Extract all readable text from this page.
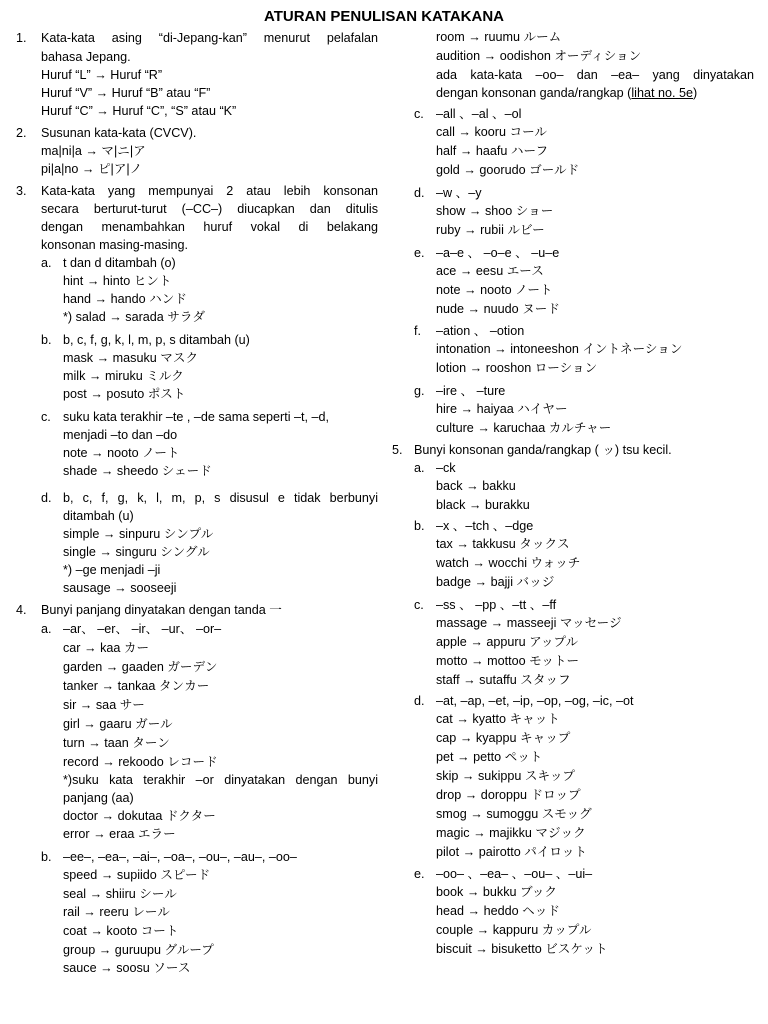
ATURAN PENULISAN KATAKANA
1.	Kata-kata asing “di-Jepang-kan” menurut pelafalan
bahasa Jepang.
Huruf “L” → Huruf “R”
Huruf “V” → Huruf “B” atau “F”
Huruf “C” → Huruf “C”, “S” atau “K”
2.	Susunan kata-kata (CVCV).
ma|ni|a → マ|ニ|ア
pi|a|no → ピ|ア|ノ
3.	Kata-kata yang mempunyai 2 atau lebih konsonan
secara berturut-turut (–CC–) diucapkan dan ditulis
dengan menambahkan huruf vokal di belakang
konsonan masing-masing.
a. t dan d ditambah (o)
hint → hinto ヒント
hand → hando ハンド
*) salad → sarada サラダ
b. b, c, f, g, k, l, m, p, s ditambah (u)
mask → masuku マスク
milk → miruku ミルク
post → posuto ポスト
c. suku kata terakhir –te , –de sama seperti –t, –d,
menjadi –to dan –do
note → nooto ノート
shade → sheedo シェード
d. b, c, f, g, k, l, m, p, s disusul e tidak berbunyi
ditambah (u)
simple → sinpuru シンプル
single → singuru シングル
*) –ge menjadi –ji
sausage → sooseeji
4.	Bunyi panjang dinyatakan dengan tanda 一
a. –ar、 –er、 –ir、 –ur、 –or–
car → kaa カー
garden → gaaden ガーデン
tanker → tankaa タンカー
sir → saa サー
girl → gaaru ガール
turn → taan ターン
record → rekoodo レコード
*)suku kata terakhir –or dinyatakan dengan bunyi
panjang (aa)
doctor → dokutaa ドクター
error → eraa エラー
b. –ee–, –ea–, –ai–, –oa–, –ou–, –au–, –oo–
speed → supiido スピード
seal → shiiru シール
rail → reeru レール
coat → kooto コート
group → guruupu グループ
sauce → soosu ソース
room → ruumu ルーム
audition → oodishon オーディション
ada kata-kata –oo– dan –ea– yang dinyatakan
dengan konsonan ganda/rangkap (lihat no. 5e)
c. –all 、–al 、–ol
call → kooru コール
half → haafu ハーフ
gold → goorudo ゴールド
d. –w 、–y
show → shoo ショー
ruby → rubii ルビー
e. –a–e 、 –o–e 、 –u–e
ace → eesu エース
note → nooto ノート
nude → nuudo ヌード
f.	–ation 、 –otion
intonation → intoneeshon イントネーション
lotion → rooshon ローション
g. –ire 、 –ture
hire → haiyaa ハイヤー
culture → karuchaa カルチャー
5. Bunyi konsonan ganda/rangkap ( ッ) tsu kecil.
a. –ck
back → bakku
black → burakku
b. –x 、–tch 、–dge
tax → takkusu タックス
watch → wocchi ウォッチ
badge → bajji バッジ
c. –ss 、 –pp 、–tt 、–ff
massage → masseeji マッセージ
apple → appuru アップル
motto → mottoo モットー
staff → sutaffu スタッフ
d. –at, –ap, –et, –ip, –op, –og, –ic, –ot
cat → kyatto キャット
cap → kyappu キャップ
pet → petto ペット
skip → sukippu スキップ
drop → doroppu ドロップ
smog → sumoggu スモッグ
magic → majikku マジック
pilot → pairotto パイロット
e. –oo– 、–ea– 、–ou– 、–ui–
book → bukku ブック
head → heddo ヘッド
couple → kappuru カップル
biscuit → bisuketto ビスケット
